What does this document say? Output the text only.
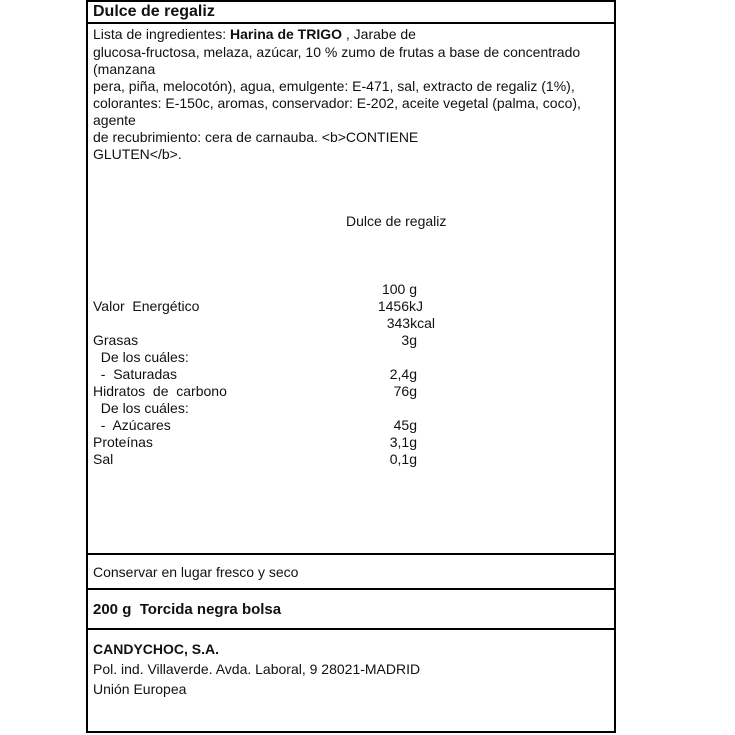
Dulce de regaliz
Lista de ingredientes: Harina de TRIGO , Jarabe de
glucosa-fructosa, melaza, azúcar, 10 % zumo de frutas a base de concentrado
(manzana
pera, piña, melocotón), agua, emulgente: E-471, sal, extracto de regaliz (1%),
colorantes: E-150c, aromas, conservador: E-202, aceite vegetal (palma, coco),
agente
de recubrimiento: cera de carnauba. <b>CONTIENE
GLUTEN</b>.
Dulce de regaliz
100 g
Valor  Energético	1456kJ
343kcal
Grasas	3g
De los cuáles:
-  Saturadas	2,4g
Hidratos  de  carbono	76g
De los cuáles:
-  Azúcares	45g
Proteínas	3,1g
Sal	0,1g
Conservar en lugar fresco y seco
200 g  Torcida negra bolsa
CANDYCHOC, S.A.
Pol. ind. Villaverde. Avda. Laboral, 9 28021-MADRID
Unión Europea
